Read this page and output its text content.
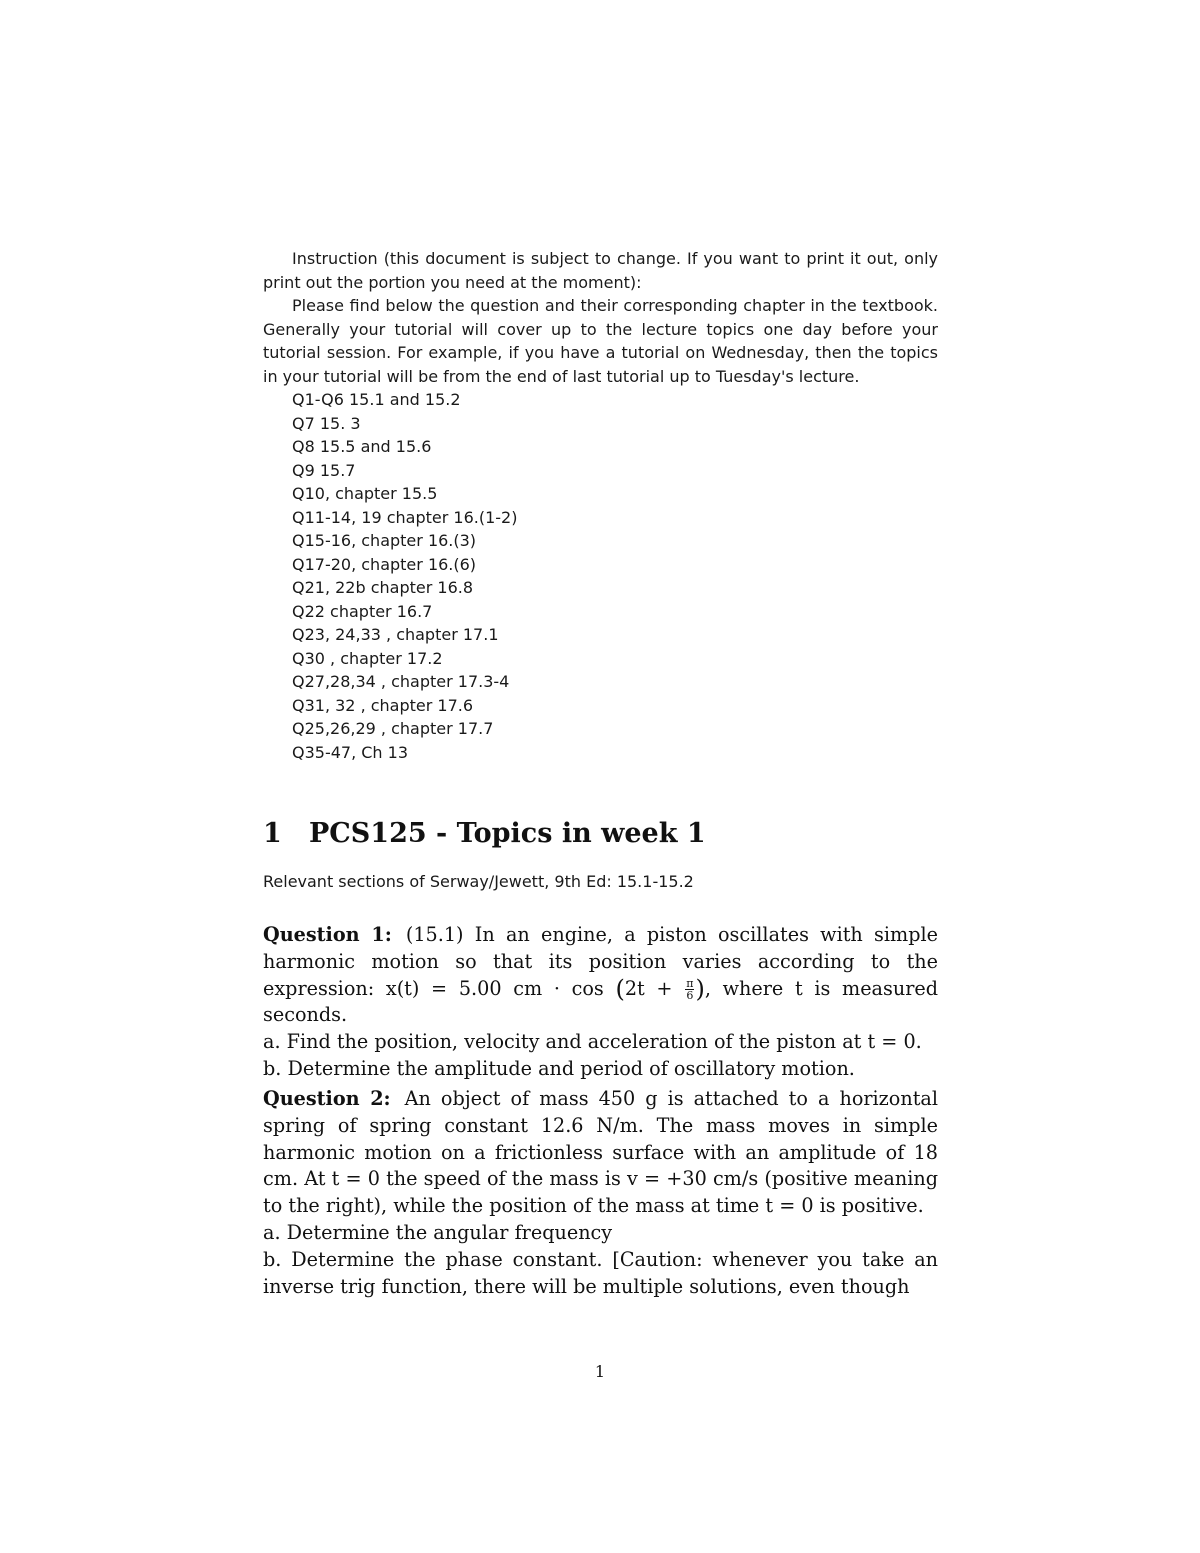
Instruction (this document is subject to change. If you want to print it out, only print out the portion you need at the moment):

Please find below the question and their corresponding chapter in the textbook. Generally your tutorial will cover up to the lecture topics one day before your tutorial session. For example, if you have a tutorial on Wednesday, then the topics in your tutorial will be from the end of last tutorial up to Tuesday's lecture.

Q1-Q6 15.1 and 15.2
Q7 15. 3
Q8 15.5 and 15.6
Q9 15.7
Q10, chapter 15.5
Q11-14, 19 chapter 16.(1-2)
Q15-16, chapter 16.(3)
Q17-20, chapter 16.(6)
Q21, 22b chapter 16.8
Q22 chapter 16.7
Q23, 24,33 , chapter 17.1
Q30 , chapter 17.2
Q27,28,34 , chapter 17.3-4
Q31, 32 , chapter 17.6
Q25,26,29 , chapter 17.7
Q35-47, Ch 13
1 PCS125 - Topics in week 1
Relevant sections of Serway/Jewett, 9th Ed: 15.1-15.2

Question 1: (15.1) In an engine, a piston oscillates with simple harmonic motion so that its position varies according to the expression: x(t) = 5.00 cm · $\cos (2t + \frac{\pi}{6}$ ), where t is measured seconds.

a. Find the position, velocity and acceleration of the piston at t = 0.

b. Determine the amplitude and period of oscillatory motion.

Question 2: An object of mass 450 g is attached to a horizontal spring of spring constant 12.6 N/m. The mass moves in simple harmonic motion on a frictionless surface with an amplitude of 18 cm. At t = 0 the speed of the mass is v = +30 cm/s (positive meaning to the right), while the position of the mass at time t = 0 is positive.

a. Determine the angular frequency

b. Determine the phase constant. [Caution: whenever you take an inverse trig function, there will be multiple solutions, even though

1
